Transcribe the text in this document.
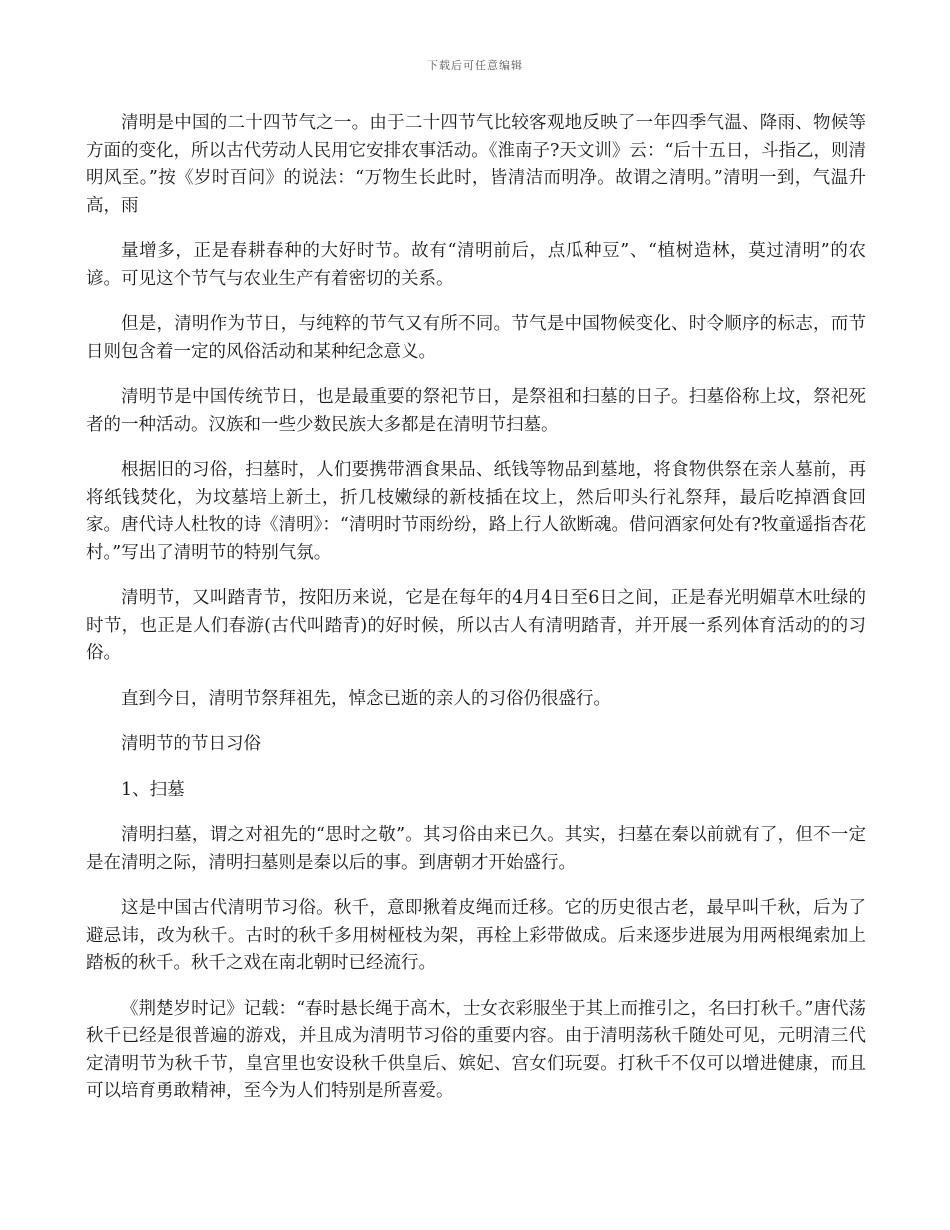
下载后可任意编辑

清明是中国的二十四节气之一。由于二十四节气比较客观地反映了一年四季气温、降雨、物候等方面的变化，所以古代劳动人民用它安排农事活动。《淮南子?天文训》云：“后十五日，斗指乙，则清明风至。”按《岁时百问》的说法：“万物生长此时，皆清洁而明净。故谓之清明。”清明一到，气温升高，雨

量增多，正是春耕春种的大好时节。故有“清明前后，点瓜种豆”、“植树造林，莫过清明”的农谚。可见这个节气与农业生产有着密切的关系。

但是，清明作为节日，与纯粹的节气又有所不同。节气是中国物候变化、时令顺序的标志，而节日则包含着一定的风俗活动和某种纪念意义。

清明节是中国传统节日，也是最重要的祭祀节日，是祭祖和扫墓的日子。扫墓俗称上坟，祭祀死者的一种活动。汉族和一些少数民族大多都是在清明节扫墓。

根据旧的习俗，扫墓时，人们要携带酒食果品、纸钱等物品到墓地，将食物供祭在亲人墓前，再将纸钱焚化，为坟墓培上新土，折几枝嫩绿的新枝插在坟上，然后叩头行礼祭拜，最后吃掉酒食回家。唐代诗人杜牧的诗《清明》：“清明时节雨纷纷，路上行人欲断魂。借问酒家何处有?牧童遥指杏花村。”写出了清明节的特别气氛。

清明节，又叫踏青节，按阳历来说，它是在每年的4月4日至6日之间，正是春光明媚草木吐绿的时节，也正是人们春游(古代叫踏青)的好时候，所以古人有清明踏青，并开展一系列体育活动的的习俗。

直到今日，清明节祭拜祖先，悼念已逝的亲人的习俗仍很盛行。

清明节的节日习俗

1、扫墓

清明扫墓，谓之对祖先的“思时之敬”。其习俗由来已久。其实，扫墓在秦以前就有了，但不一定是在清明之际，清明扫墓则是秦以后的事。到唐朝才开始盛行。

这是中国古代清明节习俗。秋千，意即揪着皮绳而迁移。它的历史很古老，最早叫千秋，后为了避忌讳，改为秋千。古时的秋千多用树桠枝为架，再栓上彩带做成。后来逐步进展为用两根绳索加上踏板的秋千。秋千之戏在南北朝时已经流行。

《荆楚岁时记》记载：“春时悬长绳于高木，士女衣彩服坐于其上而推引之，名曰打秋千。”唐代荡秋千已经是很普遍的游戏，并且成为清明节习俗的重要内容。由于清明荡秋千随处可见，元明清三代定清明节为秋千节，皇宫里也安设秋千供皇后、嫔妃、宫女们玩耍。打秋千不仅可以增进健康，而且可以培育勇敢精神，至今为人们特别是所喜爱。
